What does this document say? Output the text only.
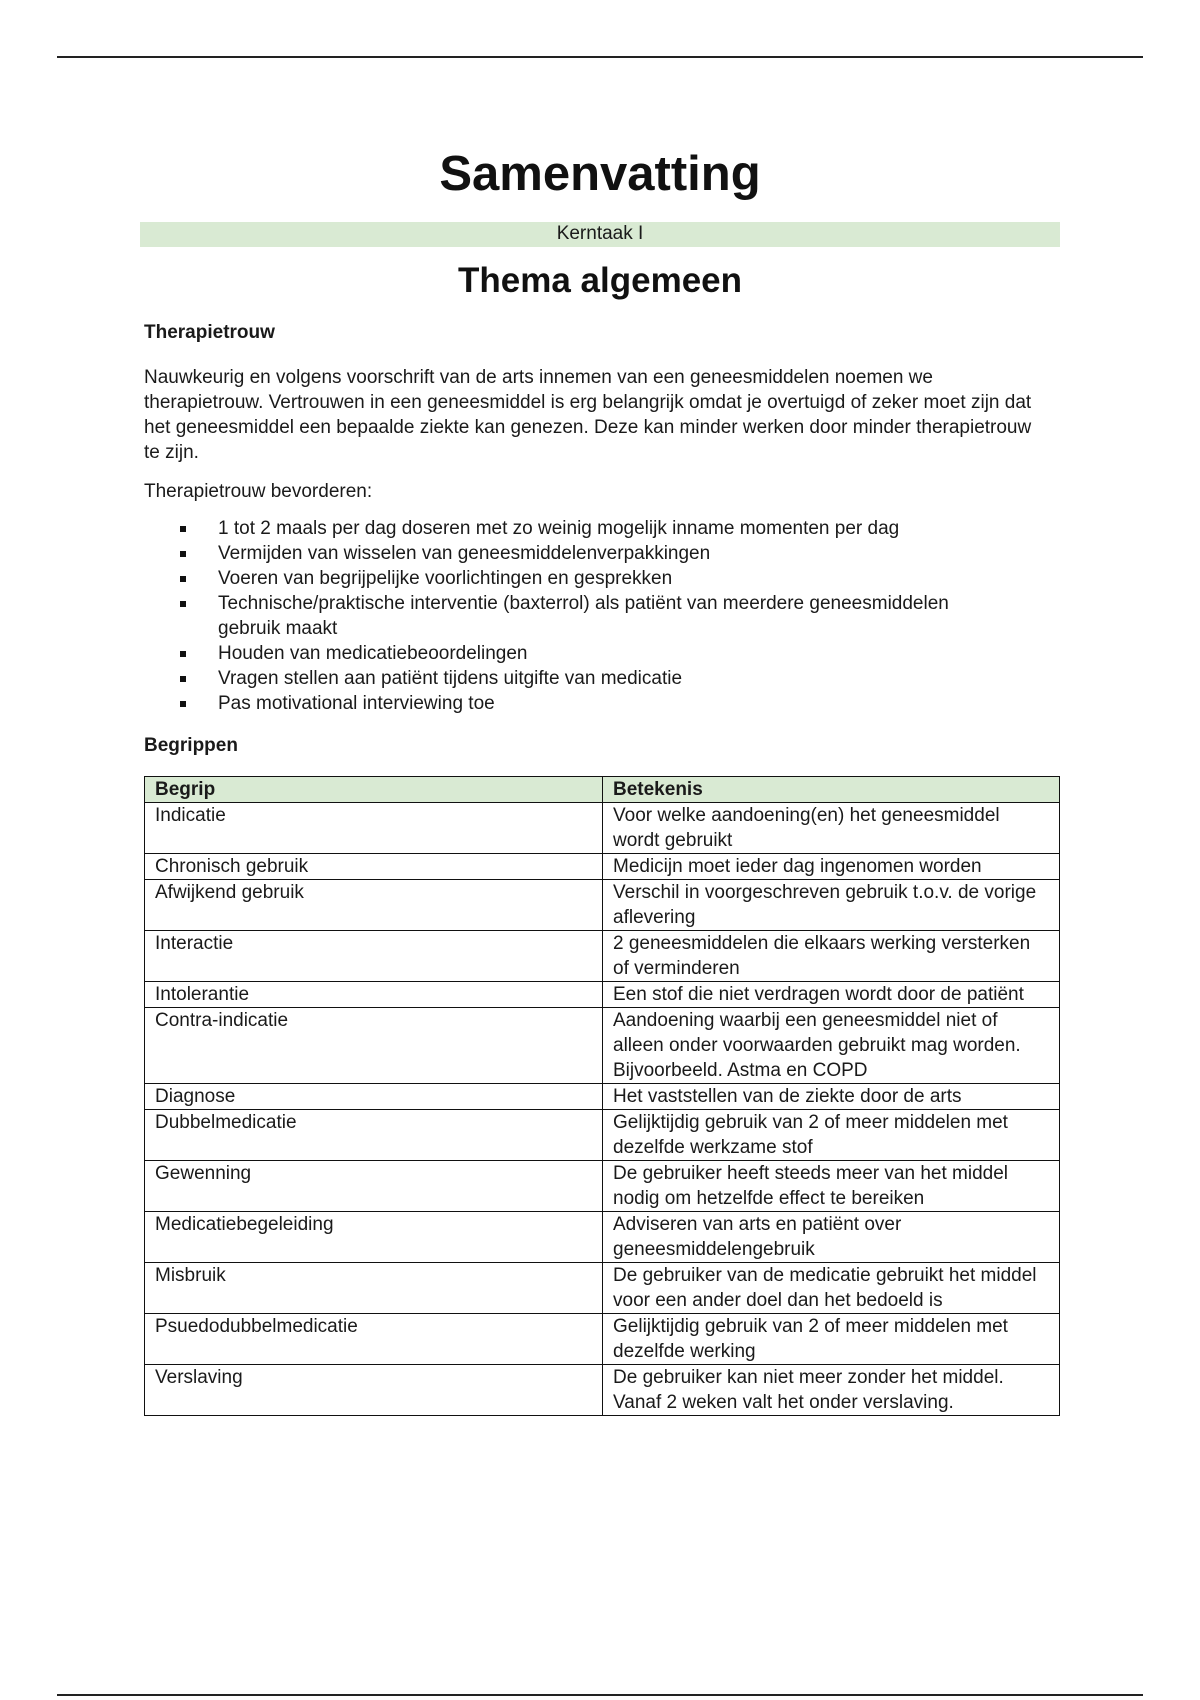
Samenvatting
Kerntaak I
Thema algemeen
Therapietrouw

Nauwkeurig en volgens voorschrift van de arts innemen van een geneesmiddelen noemen we therapietrouw. Vertrouwen in een geneesmiddel is erg belangrijk omdat je overtuigd of zeker moet zijn dat het geneesmiddel een bepaalde ziekte kan genezen. Deze kan minder werken door minder therapietrouw te zijn.

Therapietrouw bevorderen:

1 tot 2 maals per dag doseren met zo weinig mogelijk inname momenten per dag
Vermijden van wisselen van geneesmiddelenverpakkingen
Voeren van begrijpelijke voorlichtingen en gesprekken
Technische/praktische interventie (baxterrol) als patiënt van meerdere geneesmiddelen gebruik maakt
Houden van medicatiebeoordelingen
Vragen stellen aan patiënt tijdens uitgifte van medicatie
Pas motivational interviewing toe
Begrippen
Begrip	Betekenis
Indicatie	Voor welke aandoening(en) het geneesmiddel wordt gebruikt
Chronisch gebruik	Medicijn moet ieder dag ingenomen worden
Afwijkend gebruik	Verschil in voorgeschreven gebruik t.o.v. de vorige aflevering
Interactie	2 geneesmiddelen die elkaars werking versterken of verminderen
Intolerantie	Een stof die niet verdragen wordt door de patiënt
Contra-indicatie	Aandoening waarbij een geneesmiddel niet of alleen onder voorwaarden gebruikt mag worden. Bijvoorbeeld. Astma en COPD
Diagnose	Het vaststellen van de ziekte door de arts
Dubbelmedicatie	Gelijktijdig gebruik van 2 of meer middelen met dezelfde werkzame stof
Gewenning	De gebruiker heeft steeds meer van het middel nodig om hetzelfde effect te bereiken
Medicatiebegeleiding	Adviseren van arts en patiënt over geneesmiddelengebruik
Misbruik	De gebruiker van de medicatie gebruikt het middel voor een ander doel dan het bedoeld is
Psuedodubbelmedicatie	Gelijktijdig gebruik van 2 of meer middelen met dezelfde werking
Verslaving	De gebruiker kan niet meer zonder het middel. Vanaf 2 weken valt het onder verslaving.
